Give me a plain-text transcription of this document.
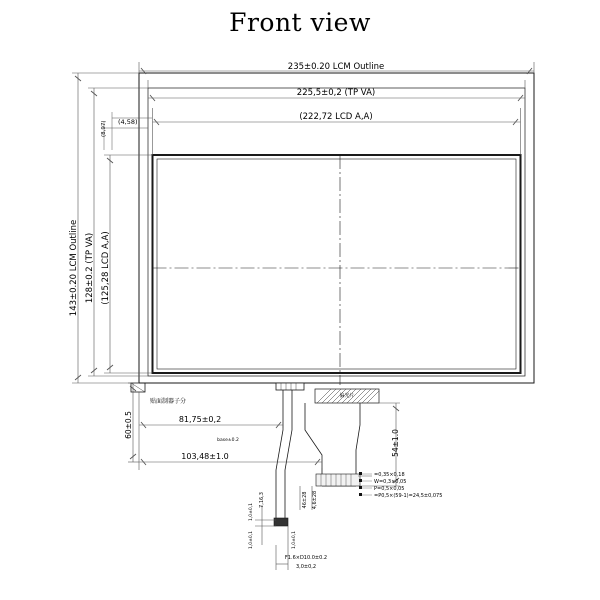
Front view
235±0.20 LCM Outline
225,5±0,2 (TP VA)
(222,72 LCD A,A)
(4,58)
(8,97)
143±0.20 LCM Outline 128±0.2 (TP VA) (125,28 LCD A,A)
贴面制器子分
偏光片
81,75±0,2
base±0.2
103,48±1.0
60±0.5
54±1.0
7,16,3	46±28 4,6±28
1,0±0,1
1,0±0,1	1,0±0,1
F1.6×D10.0±0.2
3,0±0,2
=0,35×0,18
W=0,3×0,05
P=0,5×0,05
=P0,5×(59-1)=24,5±0,075
